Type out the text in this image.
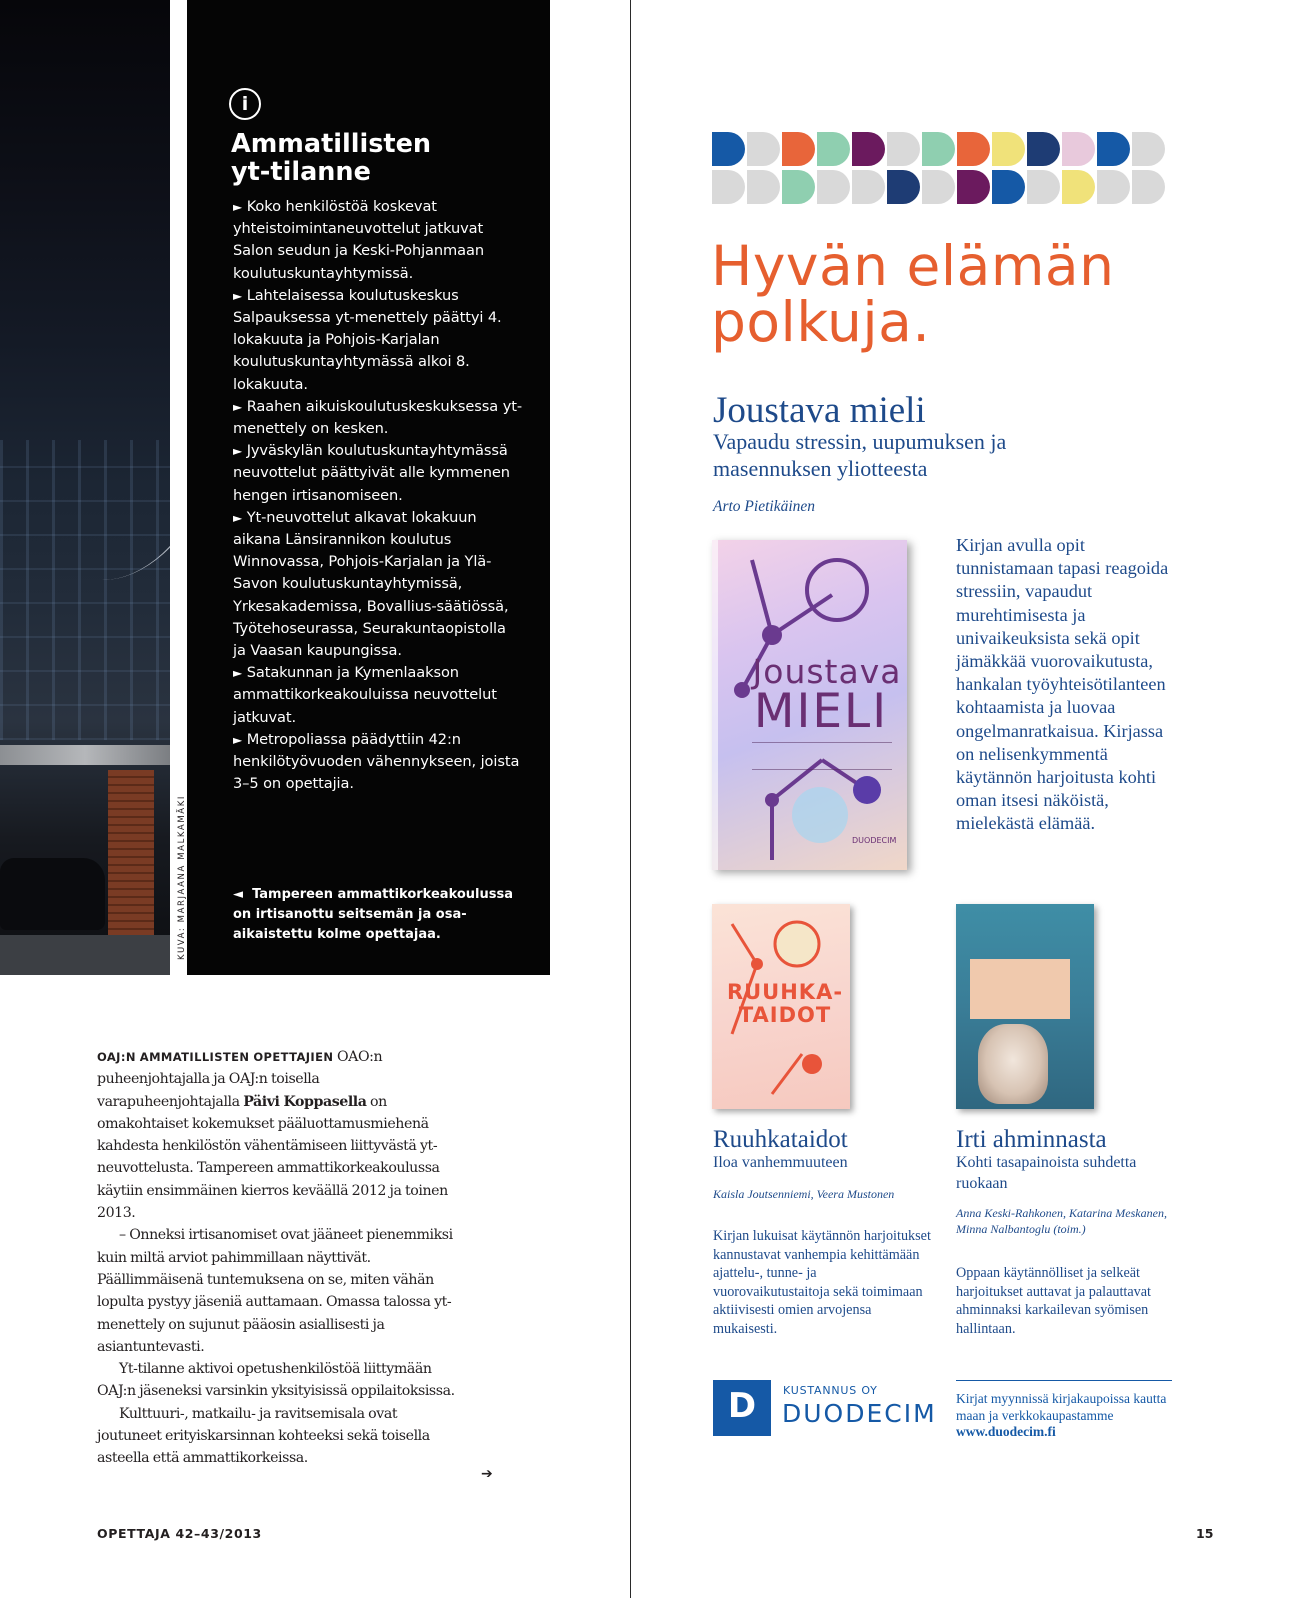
KUVA: MARJAANA MALKAMÄKI
i
Ammatillisten
yt-tilanne

► Koko henkilöstöä koskevat yhteistoimintaneuvottelut jatkuvat Salon seudun ja Keski-Pohjanmaan koulutuskuntayhtymissä.

► Lahtelaisessa koulutuskeskus Salpauksessa yt-menettely päättyi 4. lokakuuta ja Pohjois-Karjalan koulutuskuntayhtymässä alkoi 8. lokakuuta.

► Raahen aikuiskoulutuskeskuksessa yt-menettely on kesken.

► Jyväskylän koulutuskuntayhtymässä neuvottelut päättyivät alle kymmenen hengen irtisanomiseen.

► Yt-neuvottelut alkavat lokakuun aikana Länsirannikon koulutus Winnovassa, Pohjois-Karjalan ja Ylä-Savon koulutuskuntayhtymissä, Yrkesakademissa, Bovallius-säätiössä, Työtehoseurassa, Seurakuntaopistolla ja Vaasan kaupungissa.

► Satakunnan ja Kymenlaakson ammattikorkeakouluissa neuvottelut jatkuvat.

► Metropoliassa päädyttiin 42:n henkilötyövuoden vähennykseen, joista 3–5 on opettajia.

◄ Tampereen ammattikorkeakoulussa on irtisanottu seitsemän ja osa-aikaistettu kolme opettajaa.

OAJ:N AMMATILLISTEN OPETTAJIEN OAO:n puheenjohtajalla ja OAJ:n toisella varapuheenjohtajalla Päivi Koppasella on omakohtaiset kokemukset pääluottamusmiehenä kahdesta henkilöstön vähentämiseen liittyvästä yt-neuvottelusta. Tampereen ammattikorkeakoulussa käytiin ensimmäinen kierros keväällä 2012 ja toinen 2013.

– Onneksi irtisanomiset ovat jääneet pienemmiksi kuin miltä arviot pahimmillaan näyttivät. Päällimmäisenä tuntemuksena on se, miten vähän lopulta pystyy jäseniä auttamaan. Omassa talossa yt-menettely on sujunut pääosin asiallisesti ja asiantuntevasti.

Yt-tilanne aktivoi opetushenkilöstöä liittymään OAJ:n jäseneksi varsinkin yksityisissä oppilaitoksissa.

Kulttuuri-, matkailu- ja ravitsemisala ovat joutuneet erityiskarsinnan kohteeksi sekä toisella asteella että ammattikorkeissa.

➔
OPETTAJA 42–43/2013	15
Hyvän elämän
polkuja.
Joustava mieli
Vapaudu stressin, uupumuksen ja masennuksen yliotteesta
Arto Pietikäinen
Joustava
MIELI
DUODECIM
Kirjan avulla opit tunnistamaan tapasi reagoida stressiin, vapaudut murehtimisesta ja univaikeuksista sekä opit jämäkkää vuorovaikutusta, hankalan työyhteisötilanteen kohtaamista ja luovaa ongelmanratkaisua. Kirjassa on nelisenkymmentä käytännön harjoitusta kohti oman itsesi näköistä, mielekästä elämää.
RUUHKA-
TAIDOT
Ruuhkataidot
Iloa vanhemmuuteen
Kaisla Joutsenniemi, Veera Mustonen
Kirjan lukuisat käytännön harjoitukset kannustavat vanhempia kehittämään ajattelu-, tunne- ja vuorovaikutustaitoja sekä toimimaan aktiivisesti omien arvojensa mukaisesti.
Irti ahminnasta
Kohti tasapainoista suhdetta ruokaan
Anna Keski-Rahkonen, Katarina Meskanen, Minna Nalbantoglu (toim.)
Oppaan käytännölliset ja selkeät harjoitukset auttavat ja palauttavat ahminnaksi karkailevan syömisen hallintaan.
D	KUSTANNUS OY
DUODECIM
Kirjat myynnissä kirjakaupoissa kautta maan ja verkkokaupastamme
www.duodecim.fi
